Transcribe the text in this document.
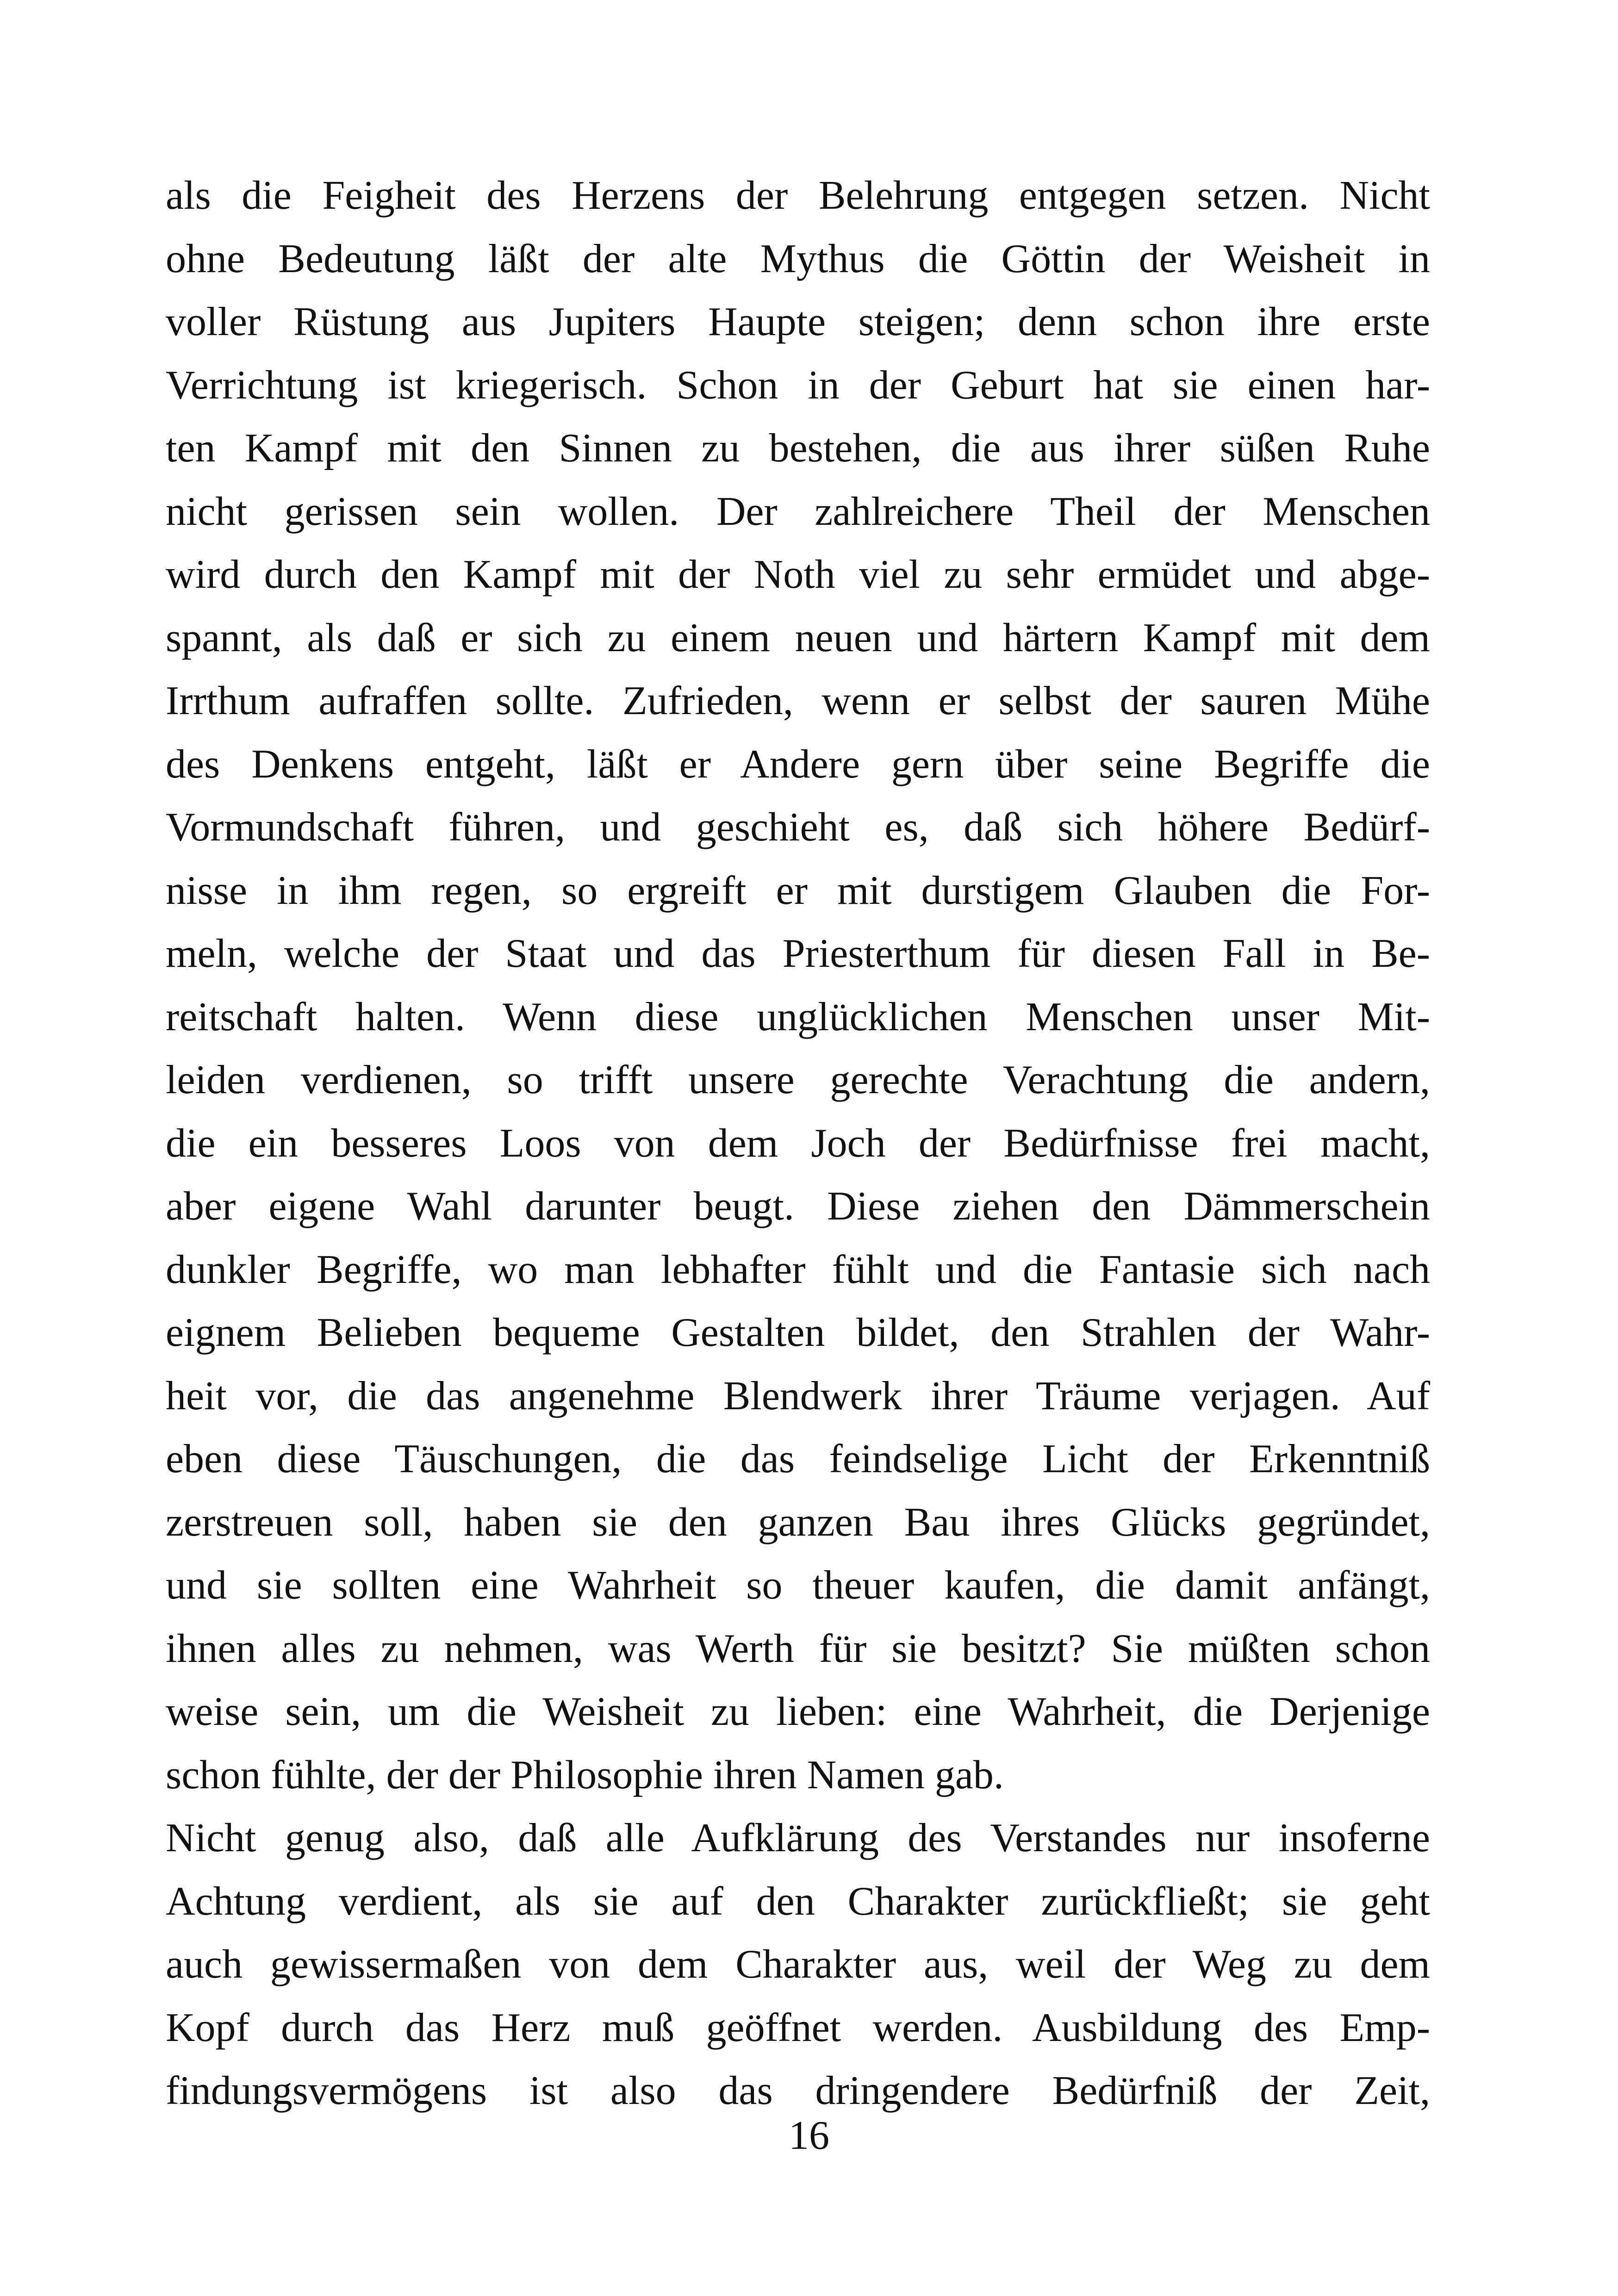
als die Feigheit des Herzens der Belehrung entgegen setzen. Nicht
ohne Bedeutung läßt der alte Mythus die Göttin der Weisheit in
voller Rüstung aus Jupiters Haupte steigen; denn schon ihre erste
Verrichtung ist kriegerisch. Schon in der Geburt hat sie einen har-
ten Kampf mit den Sinnen zu bestehen, die aus ihrer süßen Ruhe
nicht gerissen sein wollen. Der zahlreichere Theil der Menschen
wird durch den Kampf mit der Noth viel zu sehr ermüdet und abge-
spannt, als daß er sich zu einem neuen und härtern Kampf mit dem
Irrthum aufraffen sollte. Zufrieden, wenn er selbst der sauren Mühe
des Denkens entgeht, läßt er Andere gern über seine Begriffe die
Vormundschaft führen, und geschieht es, daß sich höhere Bedürf-
nisse in ihm regen, so ergreift er mit durstigem Glauben die For-
meln, welche der Staat und das Priesterthum für diesen Fall in Be-
reitschaft halten. Wenn diese unglücklichen Menschen unser Mit-
leiden verdienen, so trifft unsere gerechte Verachtung die andern,
die ein besseres Loos von dem Joch der Bedürfnisse frei macht,
aber eigene Wahl darunter beugt. Diese ziehen den Dämmerschein
dunkler Begriffe, wo man lebhafter fühlt und die Fantasie sich nach
eignem Belieben bequeme Gestalten bildet, den Strahlen der Wahr-
heit vor, die das angenehme Blendwerk ihrer Träume verjagen. Auf
eben diese Täuschungen, die das feindselige Licht der Erkenntniß
zerstreuen soll, haben sie den ganzen Bau ihres Glücks gegründet,
und sie sollten eine Wahrheit so theuer kaufen, die damit anfängt,
ihnen alles zu nehmen, was Werth für sie besitzt? Sie müßten schon
weise sein, um die Weisheit zu lieben: eine Wahrheit, die Derjenige
schon fühlte, der der Philosophie ihren Namen gab.
Nicht genug also, daß alle Aufklärung des Verstandes nur insoferne
Achtung verdient, als sie auf den Charakter zurückfließt; sie geht
auch gewissermaßen von dem Charakter aus, weil der Weg zu dem
Kopf durch das Herz muß geöffnet werden. Ausbildung des Emp-
findungsvermögens ist also das dringendere Bedürfniß der Zeit,
16
